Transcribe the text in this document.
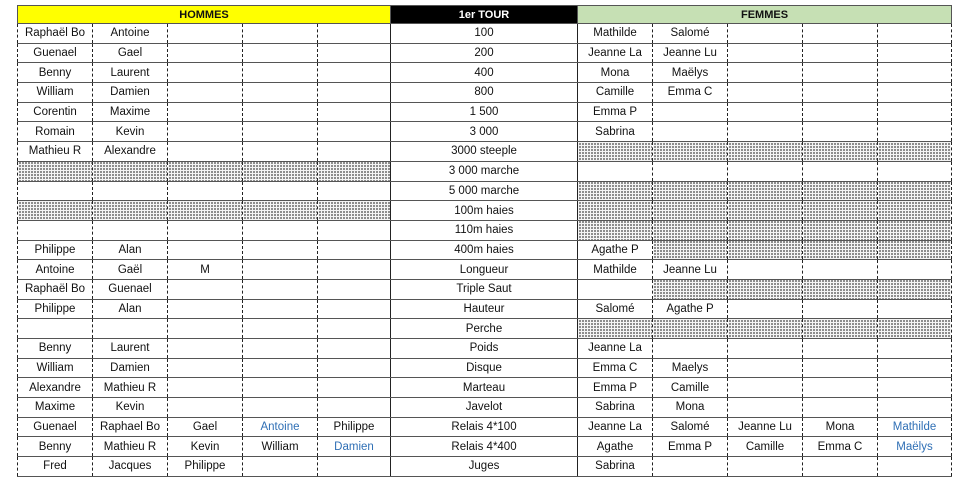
HOMMES					1er TOUR	FEMMES				
Raphaël Bo	Antoine				100	Mathilde	Salomé			
Guenael	Gael				200	Jeanne La	Jeanne Lu			
Benny	Laurent				400	Mona	Maëlys			
William	Damien				800	Camille	Emma C			
Corentin	Maxime				1 500	Emma P				
Romain	Kevin				3 000	Sabrina				
Mathieu R	Alexandre				3000 steeple					
					3 000 marche					
					5 000 marche					
					100m haies					
					110m haies					
Philippe	Alan				400m haies	Agathe P				
Antoine	Gaël	M			Longueur	Mathilde	Jeanne Lu			
Raphaël Bo	Guenael				Triple Saut					
Philippe	Alan				Hauteur	Salomé	Agathe P			
					Perche					
Benny	Laurent				Poids	Jeanne La				
William	Damien				Disque	Emma C	Maelys			
Alexandre	Mathieu R				Marteau	Emma P	Camille			
Maxime	Kevin				Javelot	Sabrina	Mona			
Guenael	Raphael Bo	Gael	Antoine	Philippe	Relais 4*100	Jeanne La	Salomé	Jeanne Lu	Mona	Mathilde
Benny	Mathieu R	Kevin	William	Damien	Relais 4*400	Agathe	Emma P	Camille	Emma C	Maëlys
Fred	Jacques	Philippe			Juges	Sabrina				
